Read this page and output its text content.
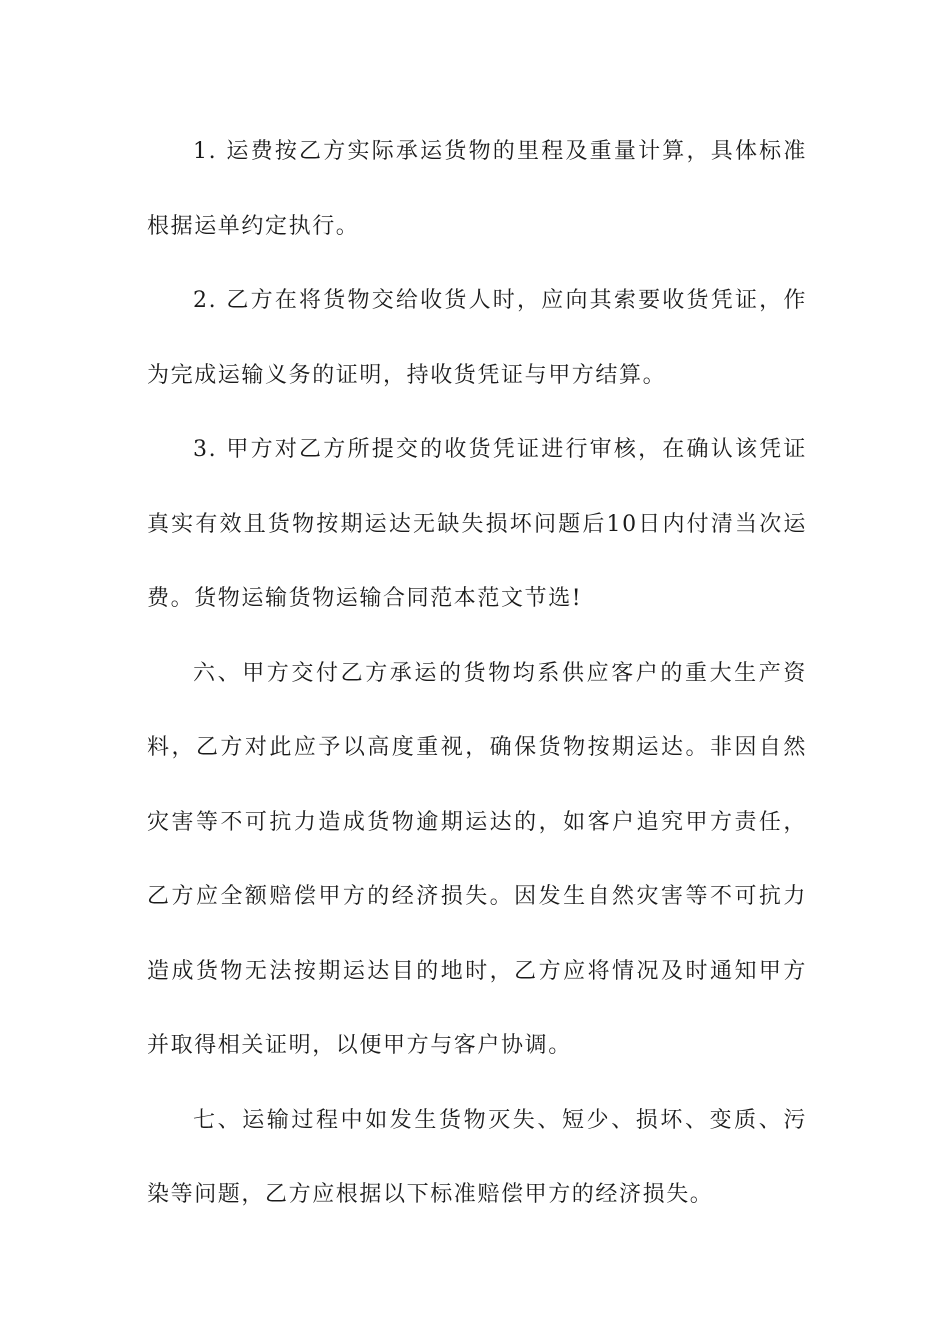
1. 运费按乙方实际承运货物的里程及重量计算，具体标准
根据运单约定执行。
2. 乙方在将货物交给收货人时，应向其索要收货凭证，作
为完成运输义务的证明，持收货凭证与甲方结算。
3. 甲方对乙方所提交的收货凭证进行审核，在确认该凭证
真实有效且货物按期运达无缺失损坏问题后10日内付清当次运
费。货物运输货物运输合同范本范文节选!
六、甲方交付乙方承运的货物均系供应客户的重大生产资
料，乙方对此应予以高度重视，确保货物按期运达。非因自然
灾害等不可抗力造成货物逾期运达的，如客户追究甲方责任，
乙方应全额赔偿甲方的经济损失。因发生自然灾害等不可抗力
造成货物无法按期运达目的地时，乙方应将情况及时通知甲方
并取得相关证明，以便甲方与客户协调。
七、运输过程中如发生货物灭失、短少、损坏、变质、污
染等问题，乙方应根据以下标准赔偿甲方的经济损失。
